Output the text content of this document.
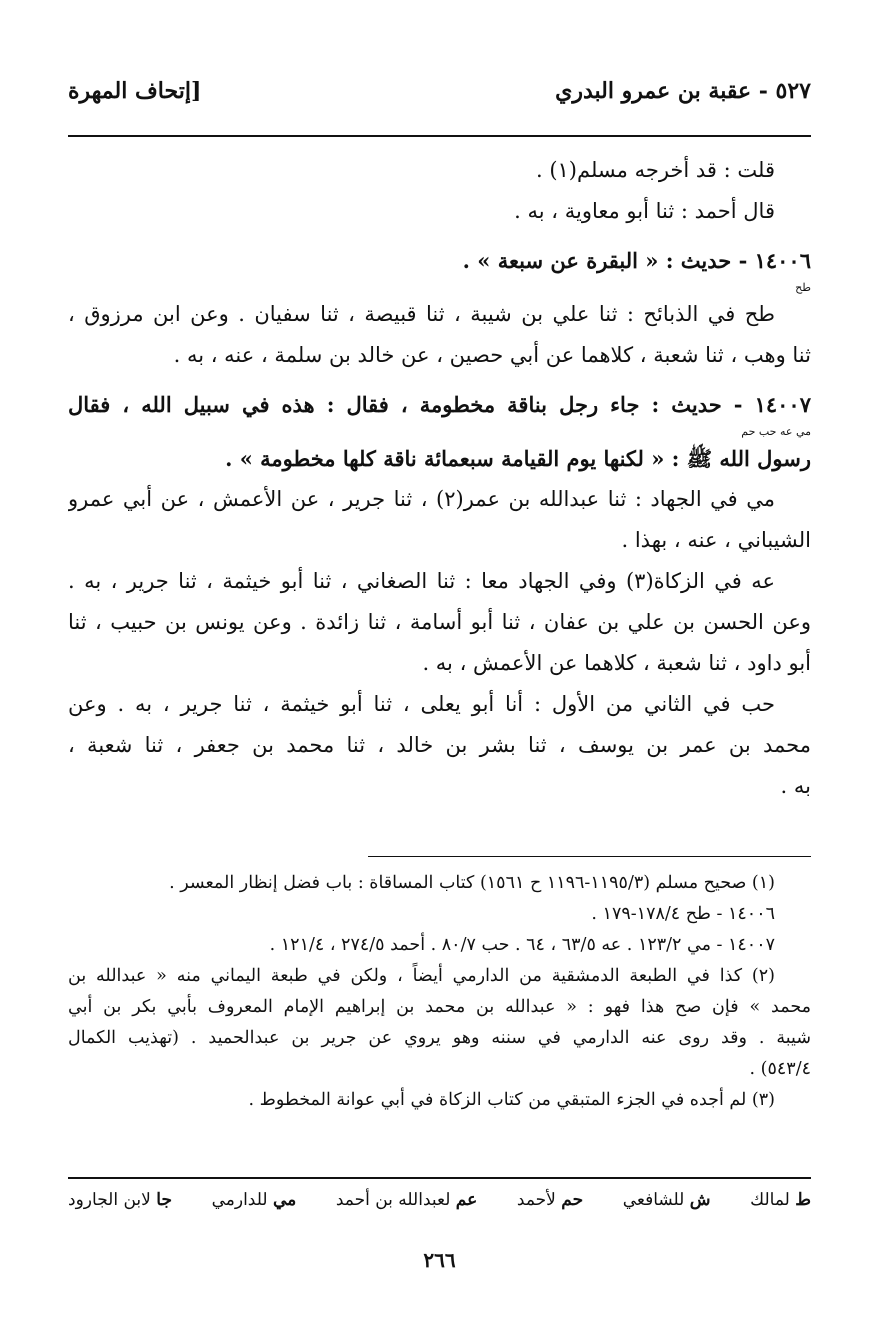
٥٢٧ - عقبة بن عمرو البدري
[إتحاف المهرة
قلت : قد أخرجه مسلم(١) .
قال أحمد : ثنا أبو معاوية ، به .
١٤٠٠٦ - حديث : « البقرة عن سبعة » .
طح
طح في الذبائح : ثنا علي بن شيبة ، ثنا قبيصة ، ثنا سفيان . وعن ابن مرزوق ،
ثنا وهب ، ثنا شعبة ، كلاهما عن أبي حصين ، عن خالد بن سلمة ، عنه ، به .
١٤٠٠٧ - حديث : جاء رجل بناقة مخطومة ، فقال : هذه في سبيل الله ، فقال
مي عه حب حم
رسول الله ﷺ : « لكنها يوم القيامة سبعمائة ناقة كلها مخطومة » .
مي في الجهاد : ثنا عبدالله بن عمر(٢) ، ثنا جرير ، عن الأعمش ، عن أبي عمرو
الشيباني ، عنه ، بهذا .
عه في الزكاة(٣) وفي الجهاد معا : ثنا الصغاني ، ثنا أبو خيثمة ، ثنا جرير ، به .
وعن الحسن بن علي بن عفان ، ثنا أبو أسامة ، ثنا زائدة . وعن يونس بن حبيب ، ثنا
أبو داود ، ثنا شعبة ، كلاهما عن الأعمش ، به .
حب في الثاني من الأول : أنا أبو يعلى ، ثنا أبو خيثمة ، ثنا جرير ، به . وعن
محمد بن عمر بن يوسف ، ثنا بشر بن خالد ، ثنا محمد بن جعفر ، ثنا شعبة ،
به .
(١) صحيح مسلم (١١٩٥/٣-١١٩٦ ح ١٥٦١) كتاب المساقاة : باب فضل إنظار المعسر .
١٤٠٠٦ - طح ١٧٨/٤-١٧٩ .
١٤٠٠٧ - مي ١٢٣/٢ . عه ٦٣/٥ ، ٦٤ . حب ٨٠/٧ . أحمد ٢٧٤/٥ ، ١٢١/٤ .
(٢) كذا في الطبعة الدمشقية من الدارمي أيضاً ، ولكن في طبعة اليماني منه « عبدالله بن
محمد » فإن صح هذا فهو : « عبدالله بن محمد بن إبراهيم الإمام المعروف بأبي بكر بن أبي
شيبة . وقد روى عنه الدارمي في سننه وهو يروي عن جرير بن عبدالحميد . (تهذيب الكمال
٥٤٣/٤) .
(٣) لم أجده في الجزء المتبقي من كتاب الزكاة في أبي عوانة المخطوط .
ط لمالك
ش للشافعي
حم لأحمد
عم لعبدالله بن أحمد
مي للدارمي
جا لابن الجارود
٢٦٦
